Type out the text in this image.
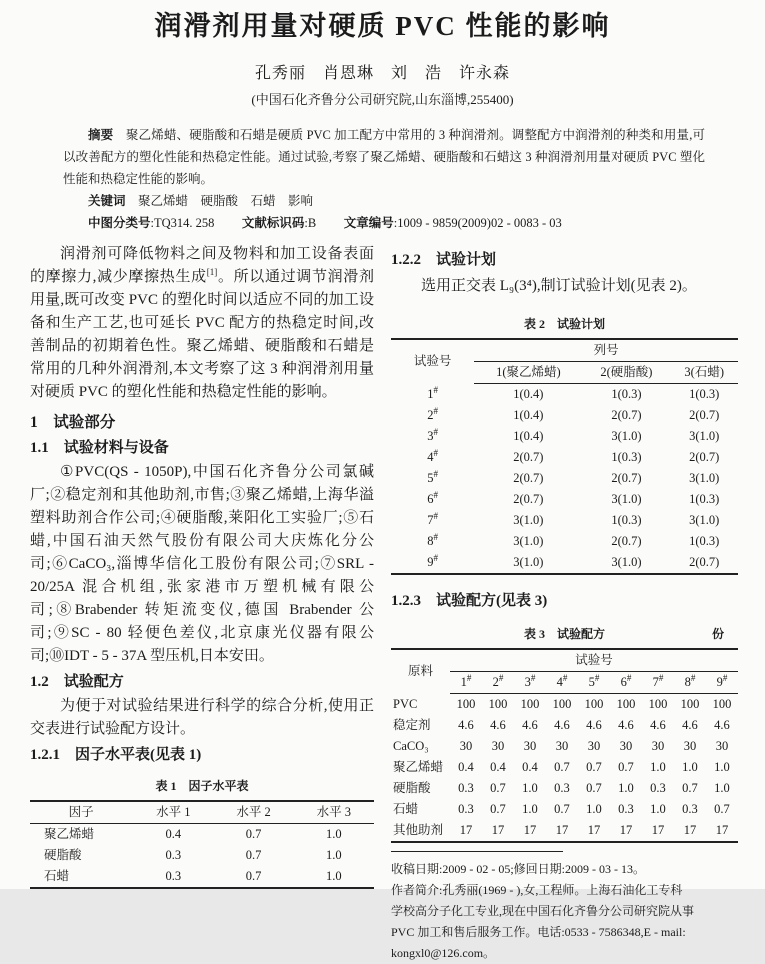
润滑剂用量对硬质 PVC 性能的影响
孔秀丽　肖恩琳　刘　浩　许永森
(中国石化齐鲁分公司研究院,山东淄博,255400)

摘要 聚乙烯蜡、硬脂酸和石蜡是硬质 PVC 加工配方中常用的 3 种润滑剂。调整配方中润滑剂的种类和用量,可以改善配方的塑化性能和热稳定性能。通过试验,考察了聚乙烯蜡、硬脂酸和石蜡这 3 种润滑剂用量对硬质 PVC 塑化性能和热稳定性能的影响。

关键词 聚乙烯蜡　硬脂酸　石蜡　影响

中图分类号:TQ314. 258 文献标识码:B 文章编号:1009 - 9859(2009)02 - 0083 - 03

润滑剂可降低物料之间及物料和加工设备表面的摩擦力,减少摩擦热生成[1]。所以通过调节润滑剂用量,既可改变 PVC 的塑化时间以适应不同的加工设备和生产工艺,也可延长 PVC 配方的热稳定时间,改善制品的初期着色性。聚乙烯蜡、硬脂酸和石蜡是常用的几种外润滑剂,本文考察了这 3 种润滑剂用量对硬质 PVC 的塑化性能和热稳定性能的影响。

1　试验部分
1.1　试验材料与设备

①PVC(QS - 1050P),中国石化齐鲁分公司氯碱厂;②稳定剂和其他助剂,市售;③聚乙烯蜡,上海华溢塑料助剂合作公司;④硬脂酸,莱阳化工实验厂;⑤石蜡,中国石油天然气股份有限公司大庆炼化分公司;⑥CaCO₃,淄博华信化工股份有限公司;⑦SRL - 20/25A 混合机组,张家港市万塑机械有限公司;⑧Brabender 转矩流变仪,德国 Brabender 公司;⑨SC - 80 轻便色差仪,北京康光仪器有限公司;⑩IDT - 5 - 37A 型压机,日本安田。

1.2　试验配方

为便于对试验结果进行科学的综合分析,使用正交表进行试验配方设计。

1.2.1　因子水平表(见表 1)
表 1　因子水平表
因子	水平 1	水平 2	水平 3
聚乙烯蜡	0.4	0.7	1.0
硬脂酸	0.3	0.7	1.0
石蜡	0.3	0.7	1.0
1.2.2　试验计划

选用正交表 L₉(3⁴),制订试验计划(见表 2)。

表 2　试验计划
试验号	列号		
	1(聚乙烯蜡)	2(硬脂酸)	3(石蜡)
1#	1(0.4)	1(0.3)	1(0.3)
2#	1(0.4)	2(0.7)	2(0.7)
3#	1(0.4)	3(1.0)	3(1.0)
4#	2(0.7)	1(0.3)	2(0.7)
5#	2(0.7)	2(0.7)	3(1.0)
6#	2(0.7)	3(1.0)	1(0.3)
7#	3(1.0)	1(0.3)	3(1.0)
8#	3(1.0)	2(0.7)	1(0.3)
9#	3(1.0)	3(1.0)	2(0.7)
1.2.3　试验配方(见表 3)
表 3　试验配方	份
原料	试验号								
	1#	2#	3#	4#	5#	6#	7#	8#	9#
PVC	100	100	100	100	100	100	100	100	100
稳定剂	4.6	4.6	4.6	4.6	4.6	4.6	4.6	4.6	4.6
CaCO₃	30	30	30	30	30	30	30	30	30
聚乙烯蜡	0.4	0.4	0.4	0.7	0.7	0.7	1.0	1.0	1.0
硬脂酸	0.3	0.7	1.0	0.3	0.7	1.0	0.3	0.7	1.0
石蜡	0.3	0.7	1.0	0.7	1.0	0.3	1.0	0.3	0.7
其他助剂	17	17	17	17	17	17	17	17	17
收稿日期:2009 - 02 - 05;修回日期:2009 - 03 - 13。
作者简介:孔秀丽(1969 - ),女,工程师。上海石油化工专科
学校高分子化工专业,现在中国石化齐鲁分公司研究院从事
PVC 加工和售后服务工作。电话:0533 - 7586348,E - mail:
kongxl0@126.com。
